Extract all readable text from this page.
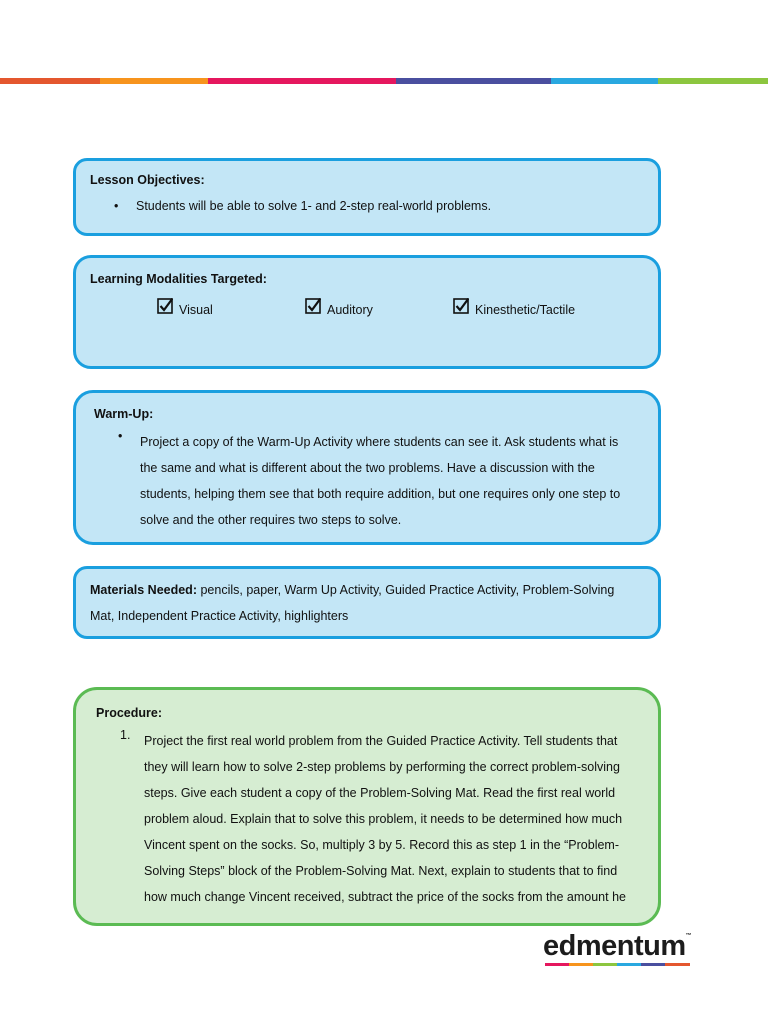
Lesson Objectives:
•	Students will be able to solve 1- and 2-step real-world problems.
Learning Modalities Targeted:
Visual	Auditory	Kinesthetic/Tactile
Warm-Up:
•	Project a copy of the Warm-Up Activity where students can see it. Ask students what is
the same and what is different about the two problems. Have a discussion with the
students, helping them see that both require addition, but one requires only one step to
solve and the other requires two steps to solve.
Materials Needed: pencils, paper, Warm Up Activity, Guided Practice Activity, Problem-Solving
Mat, Independent Practice Activity, highlighters
Procedure:
1.	Project the first real world problem from the Guided Practice Activity. Tell students that
they will learn how to solve 2-step problems by performing the correct problem-solving
steps. Give each student a copy of the Problem-Solving Mat. Read the first real world
problem aloud. Explain that to solve this problem, it needs to be determined how much
Vincent spent on the socks. So, multiply 3 by 5. Record this as step 1 in the “Problem-
Solving Steps” block of the Problem-Solving Mat. Next, explain to students that to find
how much change Vincent received, subtract the price of the socks from the amount he
edmentum™
